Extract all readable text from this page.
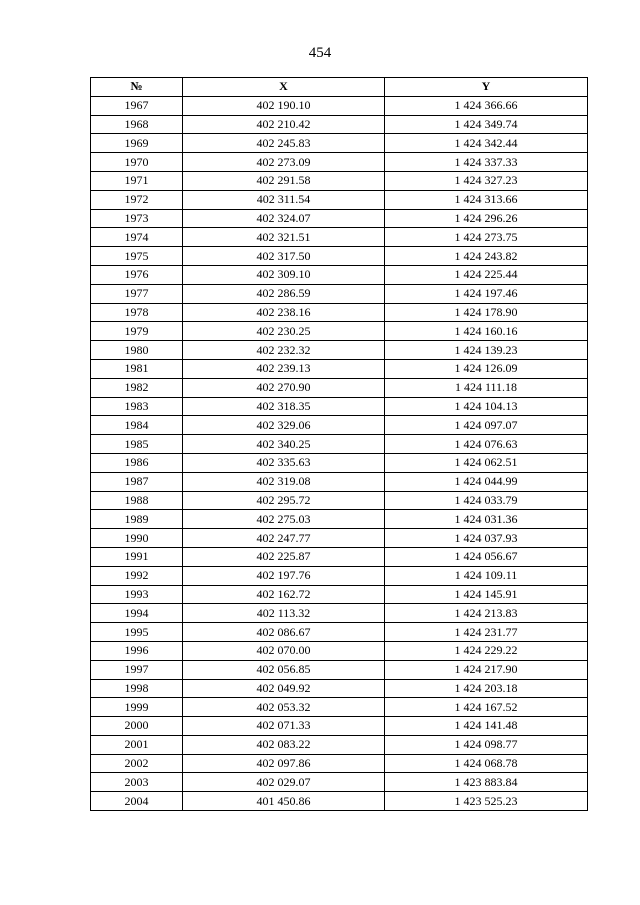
454
№	X	Y
1967	402 190.10	1 424 366.66
1968	402 210.42	1 424 349.74
1969	402 245.83	1 424 342.44
1970	402 273.09	1 424 337.33
1971	402 291.58	1 424 327.23
1972	402 311.54	1 424 313.66
1973	402 324.07	1 424 296.26
1974	402 321.51	1 424 273.75
1975	402 317.50	1 424 243.82
1976	402 309.10	1 424 225.44
1977	402 286.59	1 424 197.46
1978	402 238.16	1 424 178.90
1979	402 230.25	1 424 160.16
1980	402 232.32	1 424 139.23
1981	402 239.13	1 424 126.09
1982	402 270.90	1 424 111.18
1983	402 318.35	1 424 104.13
1984	402 329.06	1 424 097.07
1985	402 340.25	1 424 076.63
1986	402 335.63	1 424 062.51
1987	402 319.08	1 424 044.99
1988	402 295.72	1 424 033.79
1989	402 275.03	1 424 031.36
1990	402 247.77	1 424 037.93
1991	402 225.87	1 424 056.67
1992	402 197.76	1 424 109.11
1993	402 162.72	1 424 145.91
1994	402 113.32	1 424 213.83
1995	402 086.67	1 424 231.77
1996	402 070.00	1 424 229.22
1997	402 056.85	1 424 217.90
1998	402 049.92	1 424 203.18
1999	402 053.32	1 424 167.52
2000	402 071.33	1 424 141.48
2001	402 083.22	1 424 098.77
2002	402 097.86	1 424 068.78
2003	402 029.07	1 423 883.84
2004	401 450.86	1 423 525.23
